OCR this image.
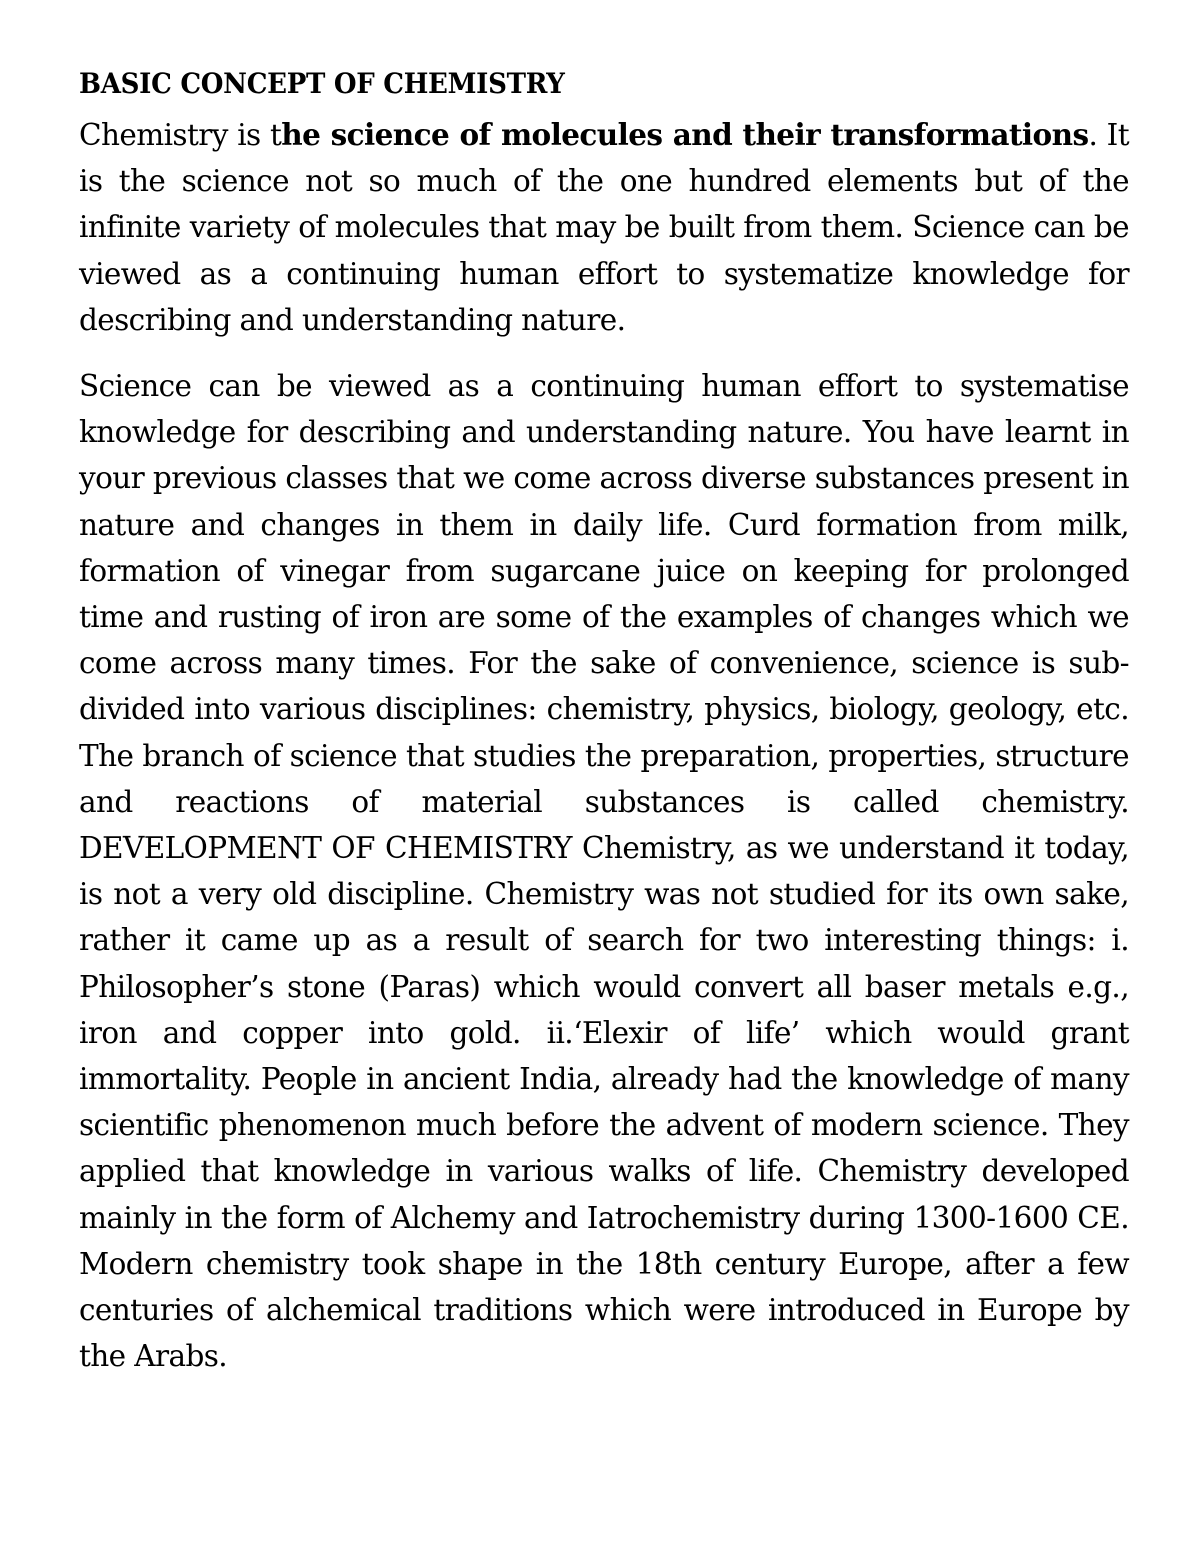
BASIC CONCEPT OF CHEMISTRY

Chemistry is the science of molecules and their transformations. It is the science not so much of the one hundred elements but of the infinite variety of molecules that may be built from them. Science can be viewed as a continuing human effort to systematize knowledge for describing and understanding nature.

Science can be viewed as a continuing human effort to systematise knowledge for describing and understanding nature. You have learnt in your previous classes that we come across diverse substances present in nature and changes in them in daily life. Curd formation from milk, formation of vinegar from sugarcane juice on keeping for prolonged time and rusting of iron are some of the examples of changes which we come across many times. For the sake of convenience, science is sub-divided into various disciplines: chemistry, physics, biology, geology, etc. The branch of science that studies the preparation, properties, structure and reactions of material substances is called chemistry. DEVELOPMENT OF CHEMISTRY Chemistry, as we understand it today, is not a very old discipline. Chemistry was not studied for its own sake, rather it came up as a result of search for two interesting things: i. Philosopher’s stone (Paras) which would convert all baser metals e.g., iron and copper into gold. ii.‘Elexir of life’ which would grant immortality. People in ancient India, already had the knowledge of many scientific phenomenon much before the advent of modern science. They applied that knowledge in various walks of life. Chemistry developed mainly in the form of Alchemy and Iatrochemistry during 1300-1600 CE. Modern chemistry took shape in the 18th century Europe, after a few centuries of alchemical traditions which were introduced in Europe by the Arabs.
